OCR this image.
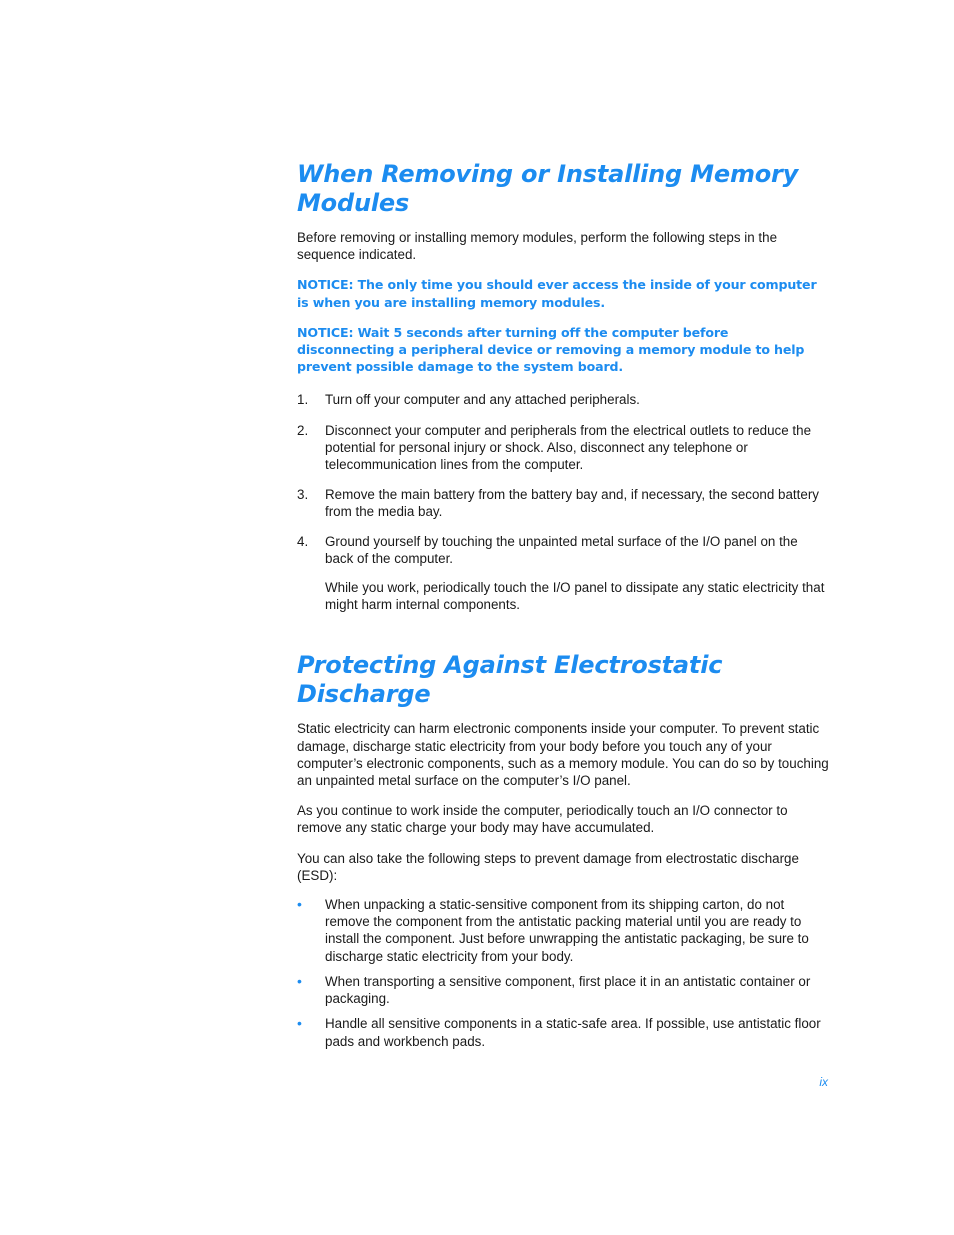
When Removing or Installing Memory Modules

Before removing or installing memory modules, perform the following steps in the sequence indicated.

NOTICE: The only time you should ever access the inside of your computer is when you are installing memory modules.

NOTICE: Wait 5 seconds after turning off the computer before disconnecting a peripheral device or removing a memory module to help prevent possible damage to the system board.

1.	Turn off your computer and any attached peripherals.
2.	Disconnect your computer and peripherals from the electrical outlets to reduce the potential for personal injury or shock. Also, disconnect any telephone or telecommunication lines from the computer.
3.	Remove the main battery from the battery bay and, if necessary, the second battery from the media bay.
4.	Ground yourself by touching the unpainted metal surface of the I/O panel on the back of the computer.

While you work, periodically touch the I/O panel to dissipate any static electricity that might harm internal components.

Protecting Against Electrostatic Discharge

Static electricity can harm electronic components inside your computer. To prevent static damage, discharge static electricity from your body before you touch any of your computer’s electronic components, such as a memory module. You can do so by touching an unpainted metal surface on the computer’s I/O panel.

As you continue to work inside the computer, periodically touch an I/O connector to remove any static charge your body may have accumulated.

You can also take the following steps to prevent damage from electrostatic discharge (ESD):

•	When unpacking a static-sensitive component from its shipping carton, do not remove the component from the antistatic packing material until you are ready to install the component. Just before unwrapping the antistatic packaging, be sure to discharge static electricity from your body.
•	When transporting a sensitive component, first place it in an antistatic container or packaging.
•	Handle all sensitive components in a static-safe area. If possible, use antistatic floor pads and workbench pads.
ix
